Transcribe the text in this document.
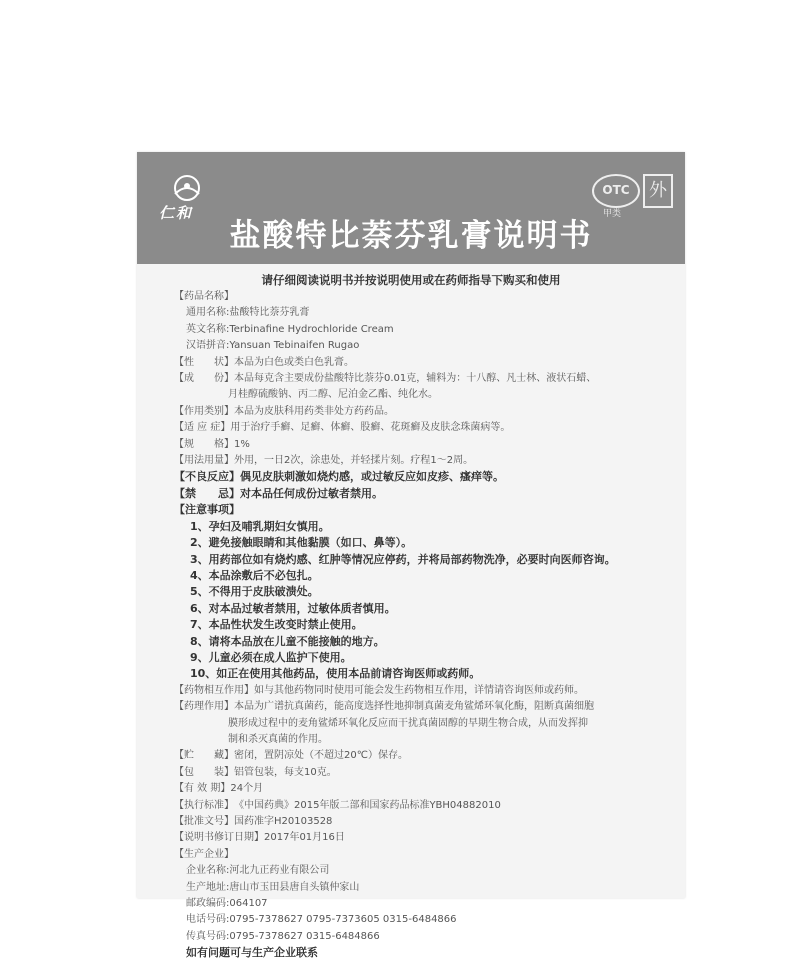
仁和
OTC
甲类
外
盐酸特比萘芬乳膏说明书
请仔细阅读说明书并按说明使用或在药师指导下购买和使用
【药品名称】
通用名称:盐酸特比萘芬乳膏
英文名称:Terbinafine Hydrochloride Cream
汉语拼音:Yansuan Tebinaifen Rugao
【性　　状】本品为白色或类白色乳膏。
【成　　份】本品每克含主要成份盐酸特比萘芬0.01克，辅料为：十八醇、凡士林、液状石蜡、
月桂醇硫酸钠、丙二醇、尼泊金乙酯、纯化水。
【作用类别】本品为皮肤科用药类非处方药药品。
【适 应 症】用于治疗手癣、足癣、体癣、股癣、花斑癣及皮肤念珠菌病等。
【规　　格】1%
【用法用量】外用，一日2次，涂患处，并轻揉片刻。疗程1～2周。
【不良反应】偶见皮肤刺激如烧灼感，或过敏反应如皮疹、瘙痒等。
【禁　　忌】对本品任何成份过敏者禁用。
【注意事项】
1、孕妇及哺乳期妇女慎用。
2、避免接触眼睛和其他黏膜（如口、鼻等）。
3、用药部位如有烧灼感、红肿等情况应停药，并将局部药物洗净，必要时向医师咨询。
4、本品涂敷后不必包扎。
5、不得用于皮肤破溃处。
6、对本品过敏者禁用，过敏体质者慎用。
7、本品性状发生改变时禁止使用。
8、请将本品放在儿童不能接触的地方。
9、儿童必须在成人监护下使用。
10、如正在使用其他药品，使用本品前请咨询医师或药师。
【药物相互作用】如与其他药物同时使用可能会发生药物相互作用，详情请咨询医师或药师。
【药理作用】本品为广谱抗真菌药，能高度选择性地抑制真菌麦角鲨烯环氧化酶，阻断真菌细胞
膜形成过程中的麦角鲨烯环氧化反应而干扰真菌固醇的早期生物合成，从而发挥抑
制和杀灭真菌的作用。
【贮　　藏】密闭，置阴凉处（不超过20℃）保存。
【包　　装】铝管包装，每支10克。
【有 效 期】24个月
【执行标准】《中国药典》2015年版二部和国家药品标准YBH04882010
【批准文号】国药准字H20103528
【说明书修订日期】2017年01月16日
【生产企业】
企业名称:河北九正药业有限公司
生产地址:唐山市玉田县唐自头镇仲家山
邮政编码:064107
电话号码:0795-7378627 0795-7373605 0315-6484866
传真号码:0795-7378627 0315-6484866
如有问题可与生产企业联系
